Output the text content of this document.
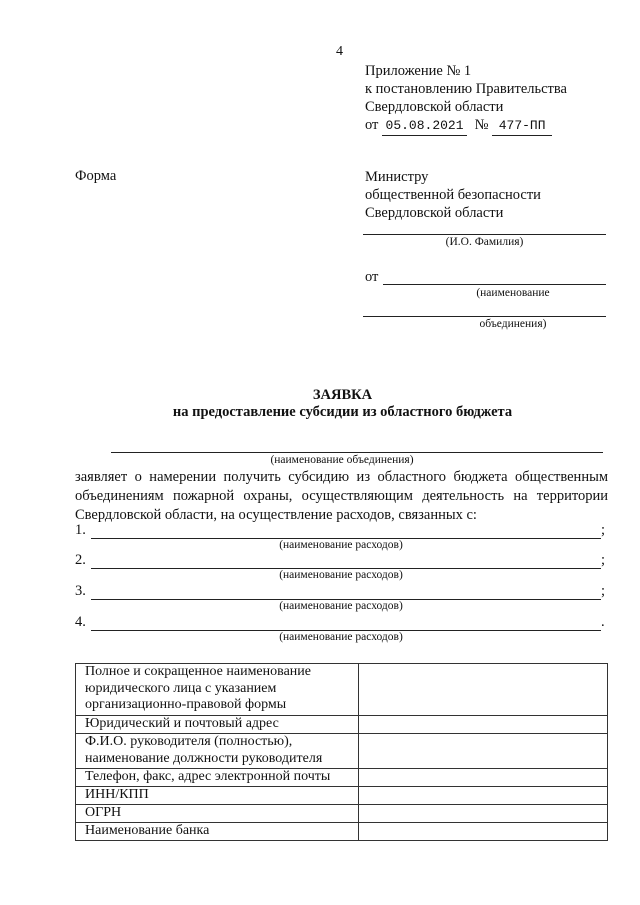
4
Приложение № 1
к постановлению Правительства
Свердловской области
от 05.08.2021 № 477-ПП
Форма	Министру
общественной безопасности
Свердловской области
(И.О. Фамилия)
от
(наименование
объединения)
ЗАЯВКА
на предоставление субсидии из областного бюджета
(наименование объединения)
заявляет о намерении получить субсидию из областного бюджета общественным
объединениям пожарной охраны, осуществляющим деятельность на территории
Свердловской области, на осуществление расходов, связанных с:
1.	;
(наименование расходов)
2.	;
(наименование расходов)
3.	;
(наименование расходов)
4.	.
(наименование расходов)
Полное и сокращенное наименование
юридического лица с указанием
организационно-правовой формы	

Юридический и почтовый адрес	

Ф.И.О. руководителя (полностью),
наименование должности руководителя	

Телефон, факс, адрес электронной почты	

ИНН/КПП	

ОГРН	

Наименование банка	
